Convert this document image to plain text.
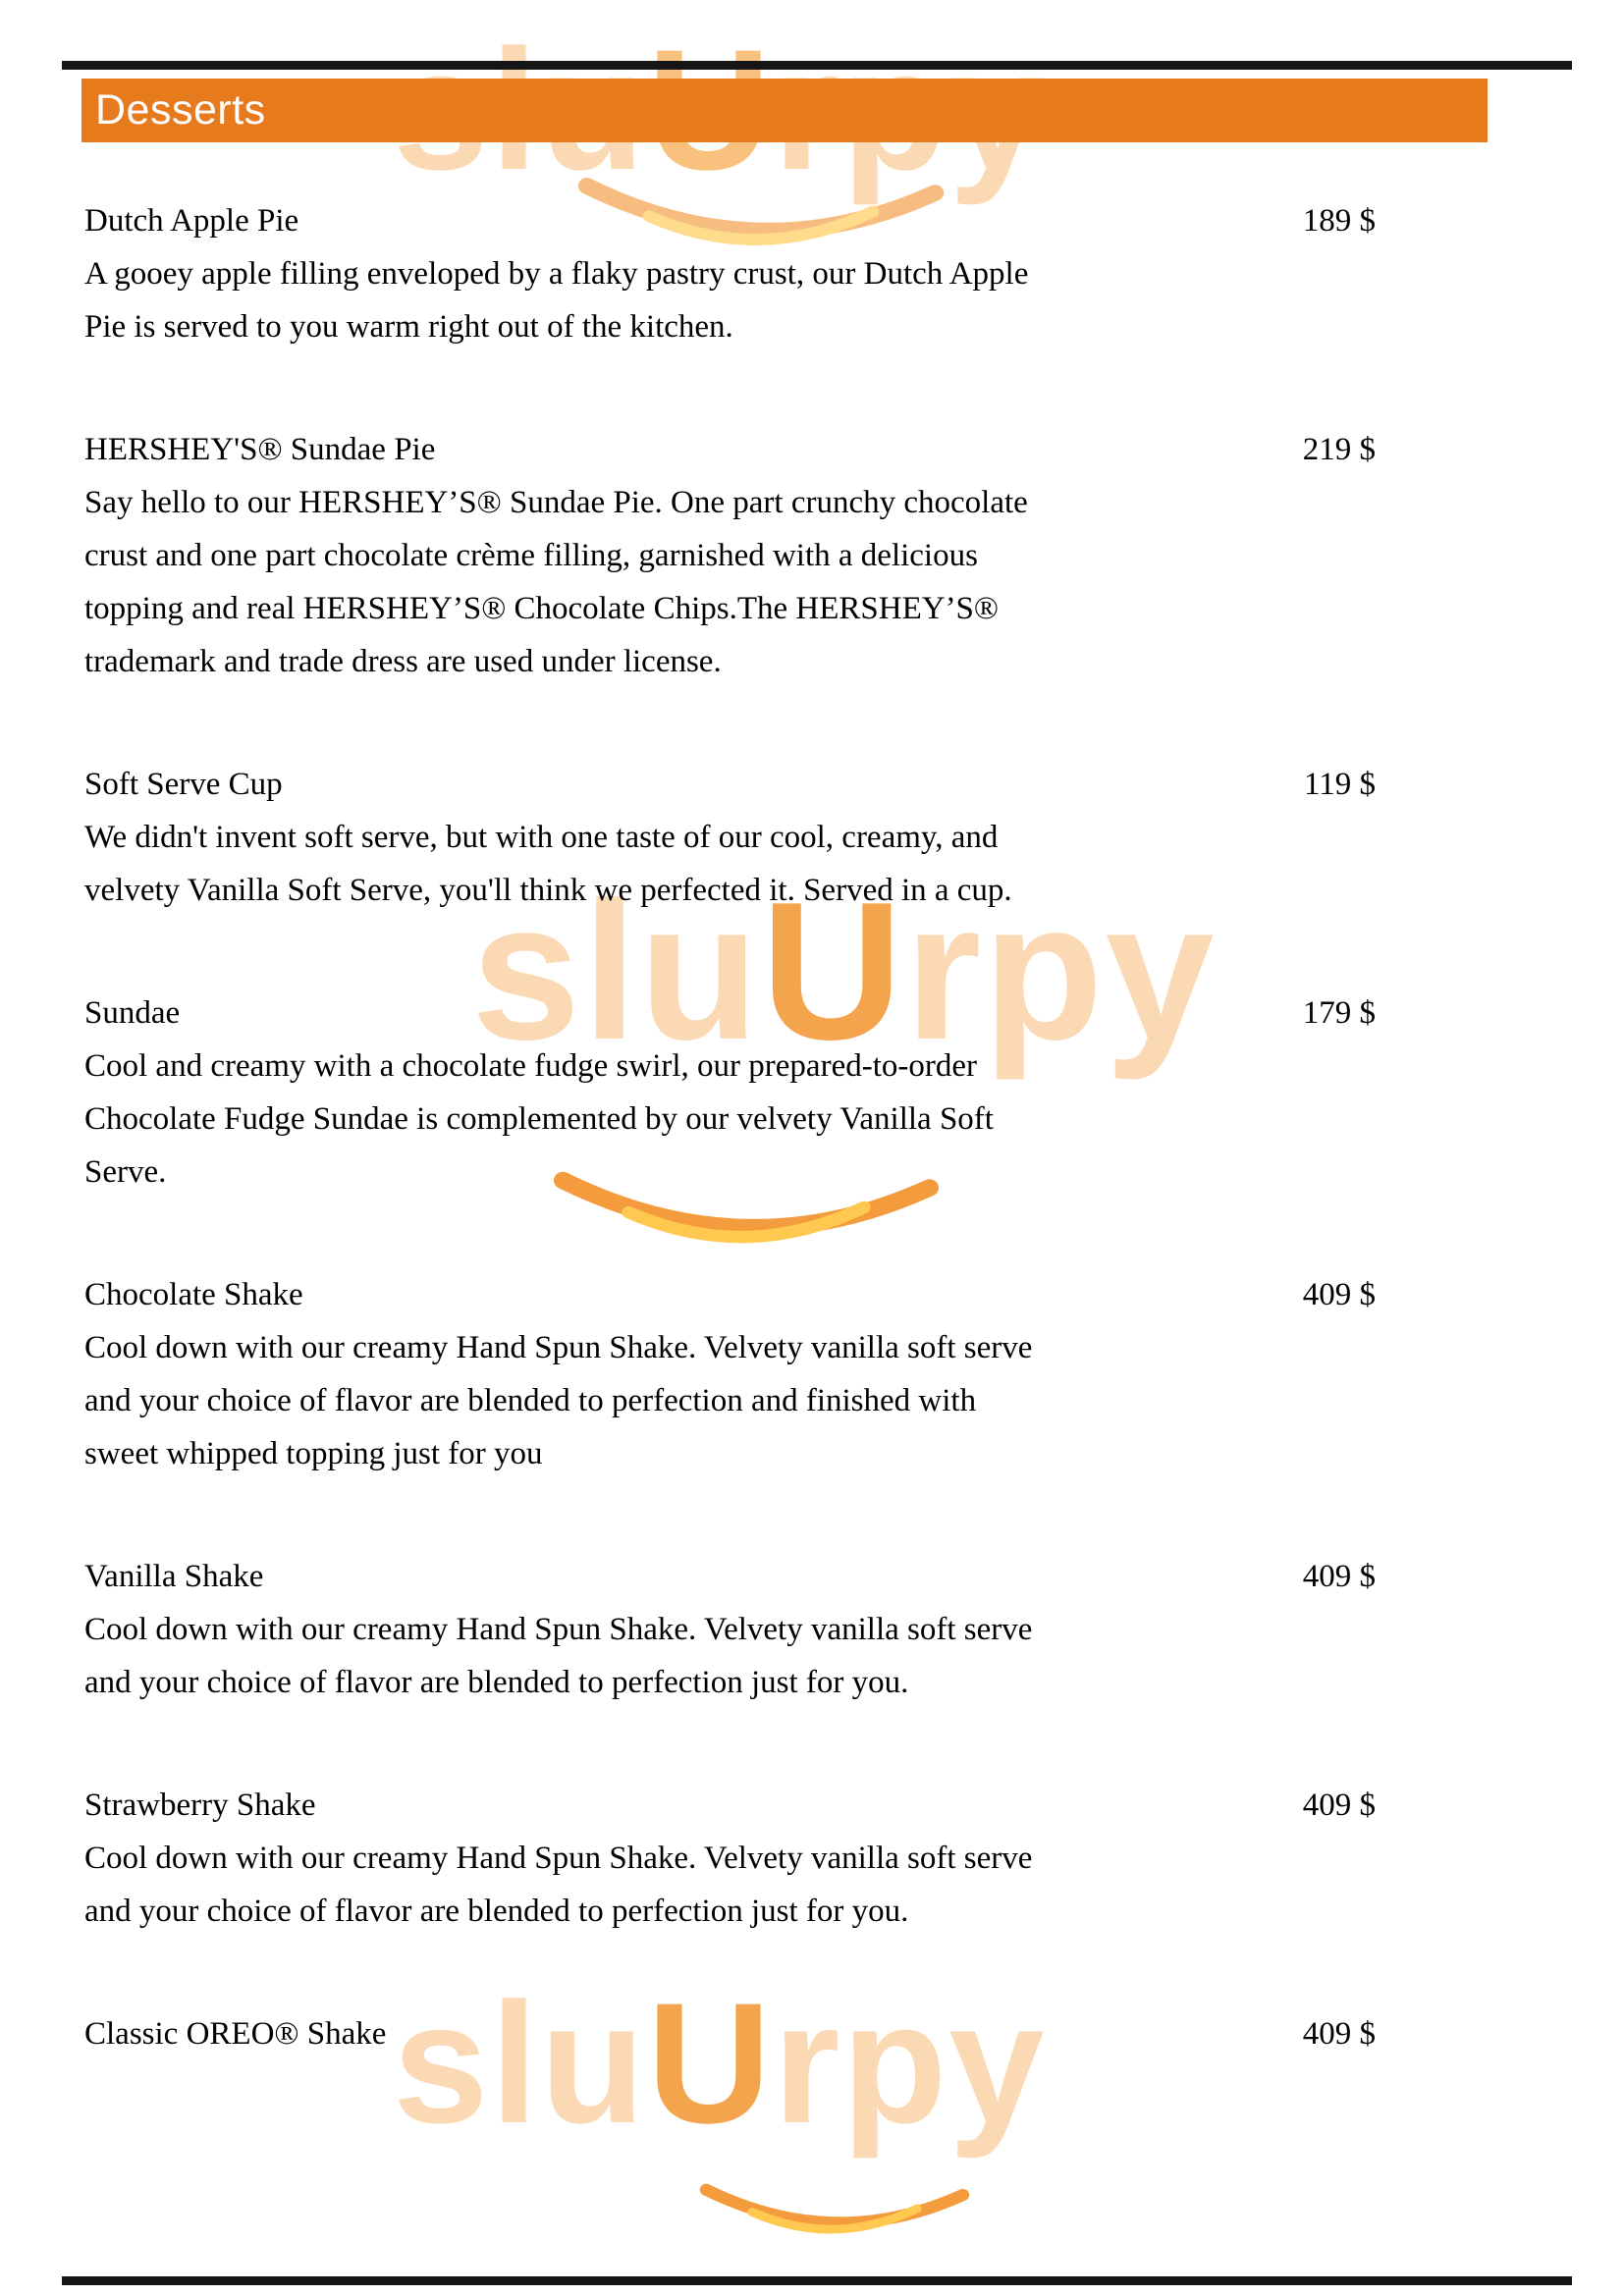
sluUrpy
sluUrpy
Desserts
Dutch Apple Pie	189 $

A gooey apple filling enveloped by a flaky pastry crust, our Dutch Apple Pie is served to you warm right out of the kitchen.

HERSHEY'S® Sundae Pie	219 $

Say hello to our HERSHEY’S® Sundae Pie. One part crunchy chocolate crust and one part chocolate crème filling, garnished with a delicious topping and real HERSHEY’S® Chocolate Chips.The HERSHEY’S® trademark and trade dress are used under license.

Soft Serve Cup	119 $

We didn't invent soft serve, but with one taste of our cool, creamy, and velvety Vanilla Soft Serve, you'll think we perfected it. Served in a cup.

Sundae	179 $

Cool and creamy with a chocolate fudge swirl, our prepared-to-order Chocolate Fudge Sundae is complemented by our velvety Vanilla Soft Serve.

Chocolate Shake	409 $

Cool down with our creamy Hand Spun Shake. Velvety vanilla soft serve and your choice of flavor are blended to perfection and finished with sweet whipped topping just for you

Vanilla Shake	409 $

Cool down with our creamy Hand Spun Shake. Velvety vanilla soft serve and your choice of flavor are blended to perfection just for you.

Strawberry Shake	409 $

Cool down with our creamy Hand Spun Shake. Velvety vanilla soft serve and your choice of flavor are blended to perfection just for you.

Classic OREO® Shake	409 $
